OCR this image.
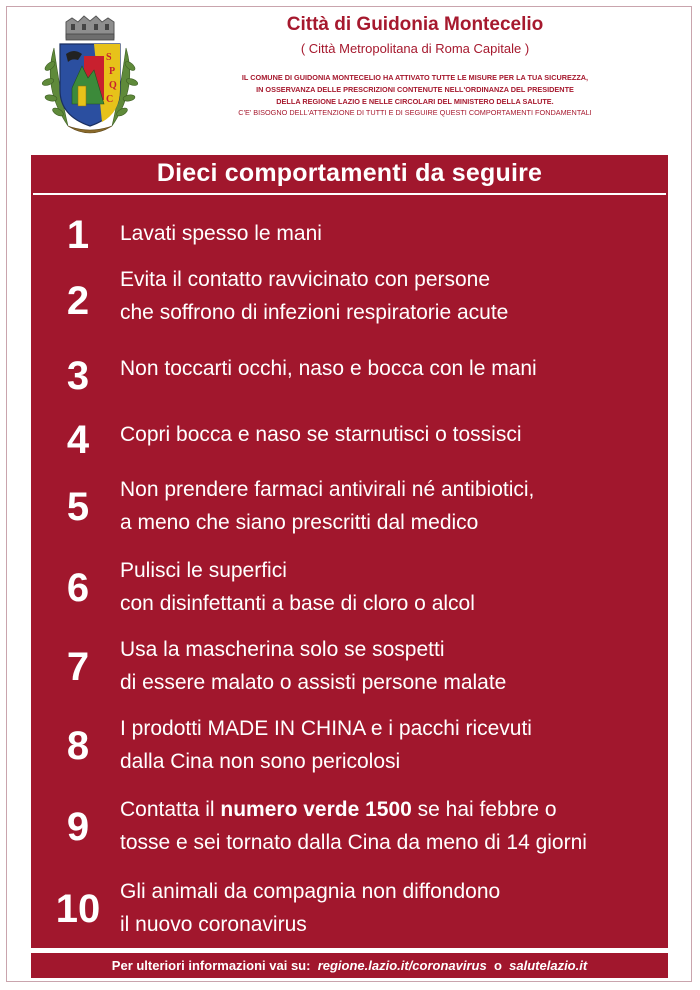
S
P
Q
C
Città di Guidonia Montecelio
( Città Metropolitana di Roma Capitale )
IL COMUNE DI GUIDONIA MONTECELIO HA ATTIVATO TUTTE LE MISURE PER LA TUA SICUREZZA,
IN OSSERVANZA DELLE PRESCRIZIONI CONTENUTE NELL'ORDINANZA DEL PRESIDENTE
DELLA REGIONE LAZIO E NELLE CIRCOLARI DEL MINISTERO DELLA SALUTE.
C'E' BISOGNO DELL'ATTENZIONE DI TUTTI E DI SEGUIRE QUESTI COMPORTAMENTI FONDAMENTALI
Dieci comportamenti da seguire
1	Lavati spesso le mani
2	Evita il contatto ravvicinato con persone
che soffrono di infezioni respiratorie acute
3	Non toccarti occhi, naso e bocca con le mani
4	Copri bocca e naso se starnutisci o tossisci
5	Non prendere farmaci antivirali né antibiotici,
a meno che siano prescritti dal medico
6	Pulisci le superfici
con disinfettanti a base di cloro o alcol
7	Usa la mascherina solo se sospetti
di essere malato o assisti persone malate
8	I prodotti MADE IN CHINA e i pacchi ricevuti
dalla Cina non sono pericolosi
9	Contatta il numero verde 1500 se hai febbre o
tosse e sei tornato dalla Cina da meno di 14 giorni
10 Gli animali da compagnia non diffondono
il nuovo coronavirus
Per ulteriori informazioni vai su: regione.lazio.it/coronavirus o salutelazio.it
